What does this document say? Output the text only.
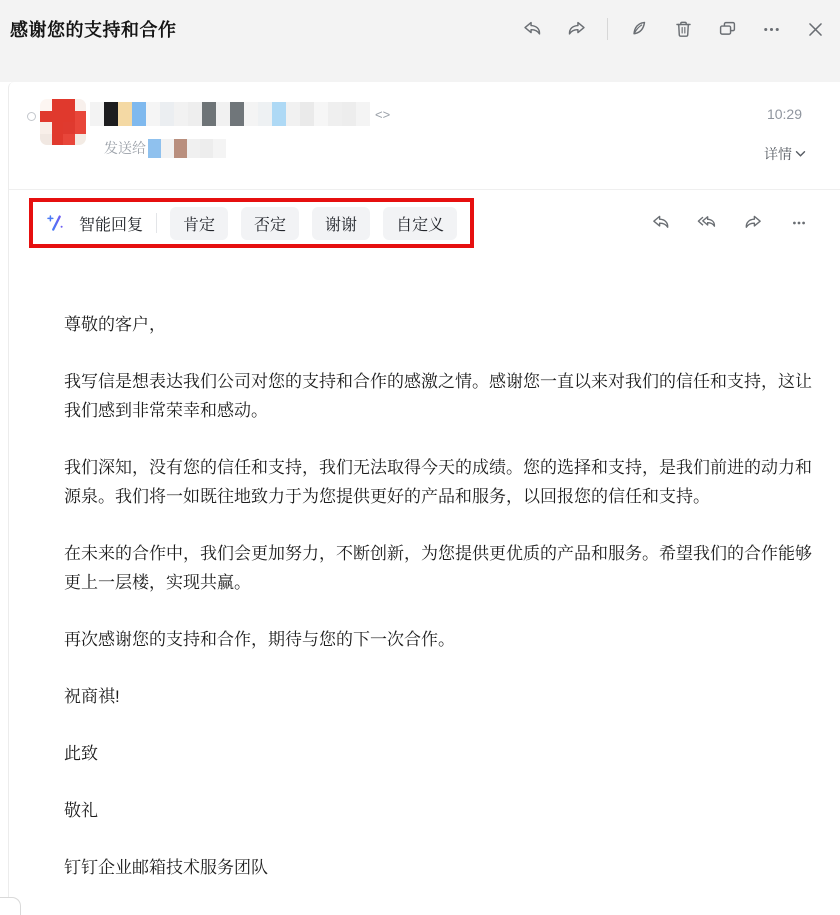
感谢您的支持和合作
<>
发送给
10:29
详情
智能回复	肯定	否定	谢谢	自定义

尊敬的客户，

我写信是想表达我们公司对您的支持和合作的感激之情。感谢您一直以来对我们的信任和支持，这让我们感到非常荣幸和感动。

我们深知，没有您的信任和支持，我们无法取得今天的成绩。您的选择和支持，是我们前进的动力和源泉。我们将一如既往地致力于为您提供更好的产品和服务，以回报您的信任和支持。

在未来的合作中，我们会更加努力，不断创新，为您提供更优质的产品和服务。希望我们的合作能够更上一层楼，实现共赢。

再次感谢您的支持和合作，期待与您的下一次合作。

祝商祺!

此致

敬礼

钉钉企业邮箱技术服务团队
